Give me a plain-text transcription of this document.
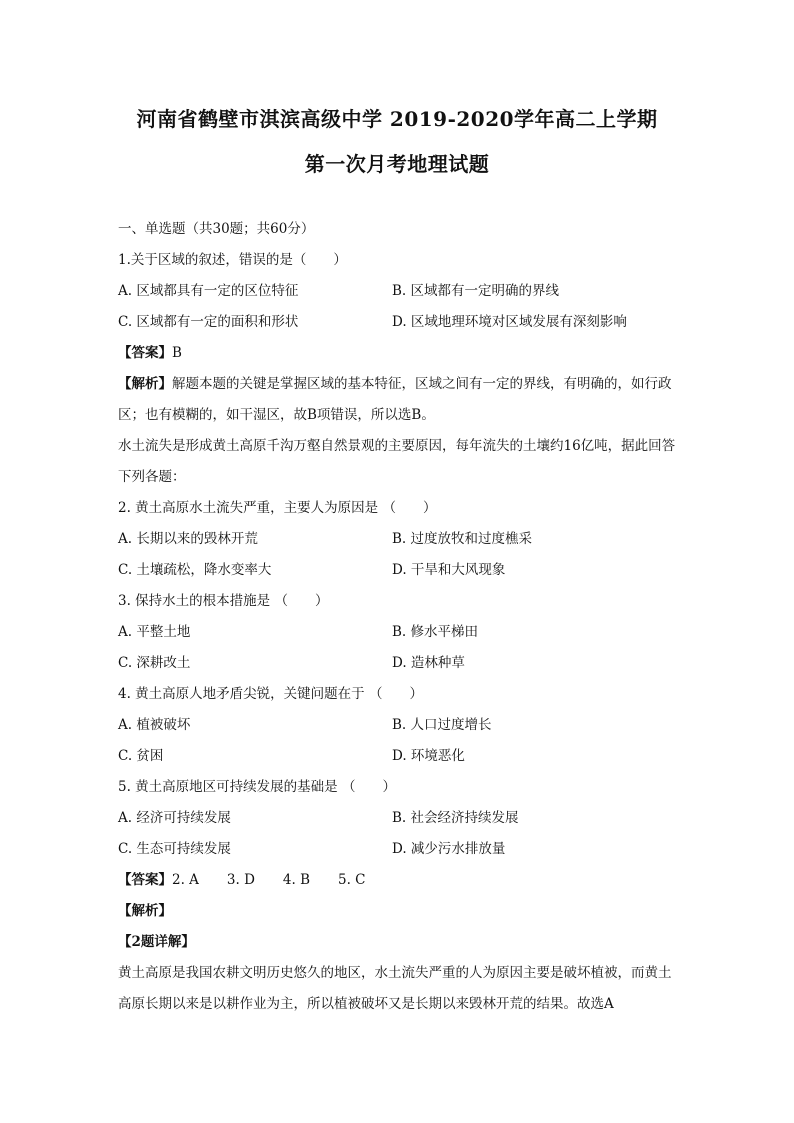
河南省鹤壁市淇滨高级中学 2019-2020学年高二上学期
第一次月考地理试题
一、单选题（共30题；共60分）
1.关于区域的叙述，错误的是（　　）
A. 区域都具有一定的区位特征	B. 区域都有一定明确的界线
C. 区域都有一定的面积和形状	D. 区域地理环境对区域发展有深刻影响
【答案】B
【解析】解题本题的关键是掌握区域的基本特征，区域之间有一定的界线，有明确的，如行政区；也有模糊的，如干湿区，故B项错误，所以选B。
水土流失是形成黄土高原千沟万壑自然景观的主要原因，每年流失的土壤约16亿吨，据此回答下列各题：
2. 黄土高原水土流失严重，主要人为原因是 （　　）
A. 长期以来的毁林开荒	B. 过度放牧和过度樵采
C. 土壤疏松，降水变率大	D. 干旱和大风现象
3. 保持水土的根本措施是 （　　）
A. 平整土地	B. 修水平梯田
C. 深耕改土	D. 造林种草
4. 黄土高原人地矛盾尖锐，关键问题在于 （　　）
A. 植被破坏	B. 人口过度增长
C. 贫困	D. 环境恶化
5. 黄土高原地区可持续发展的基础是 （　　）
A. 经济可持续发展	B. 社会经济持续发展
C. 生态可持续发展	D. 减少污水排放量
【答案】2. A 3. D 4. B 5. C
【解析】
【2题详解】
黄土高原是我国农耕文明历史悠久的地区，水土流失严重的人为原因主要是破坏植被，而黄土高原长期以来是以耕作业为主，所以植被破坏又是长期以来毁林开荒的结果。故选A
